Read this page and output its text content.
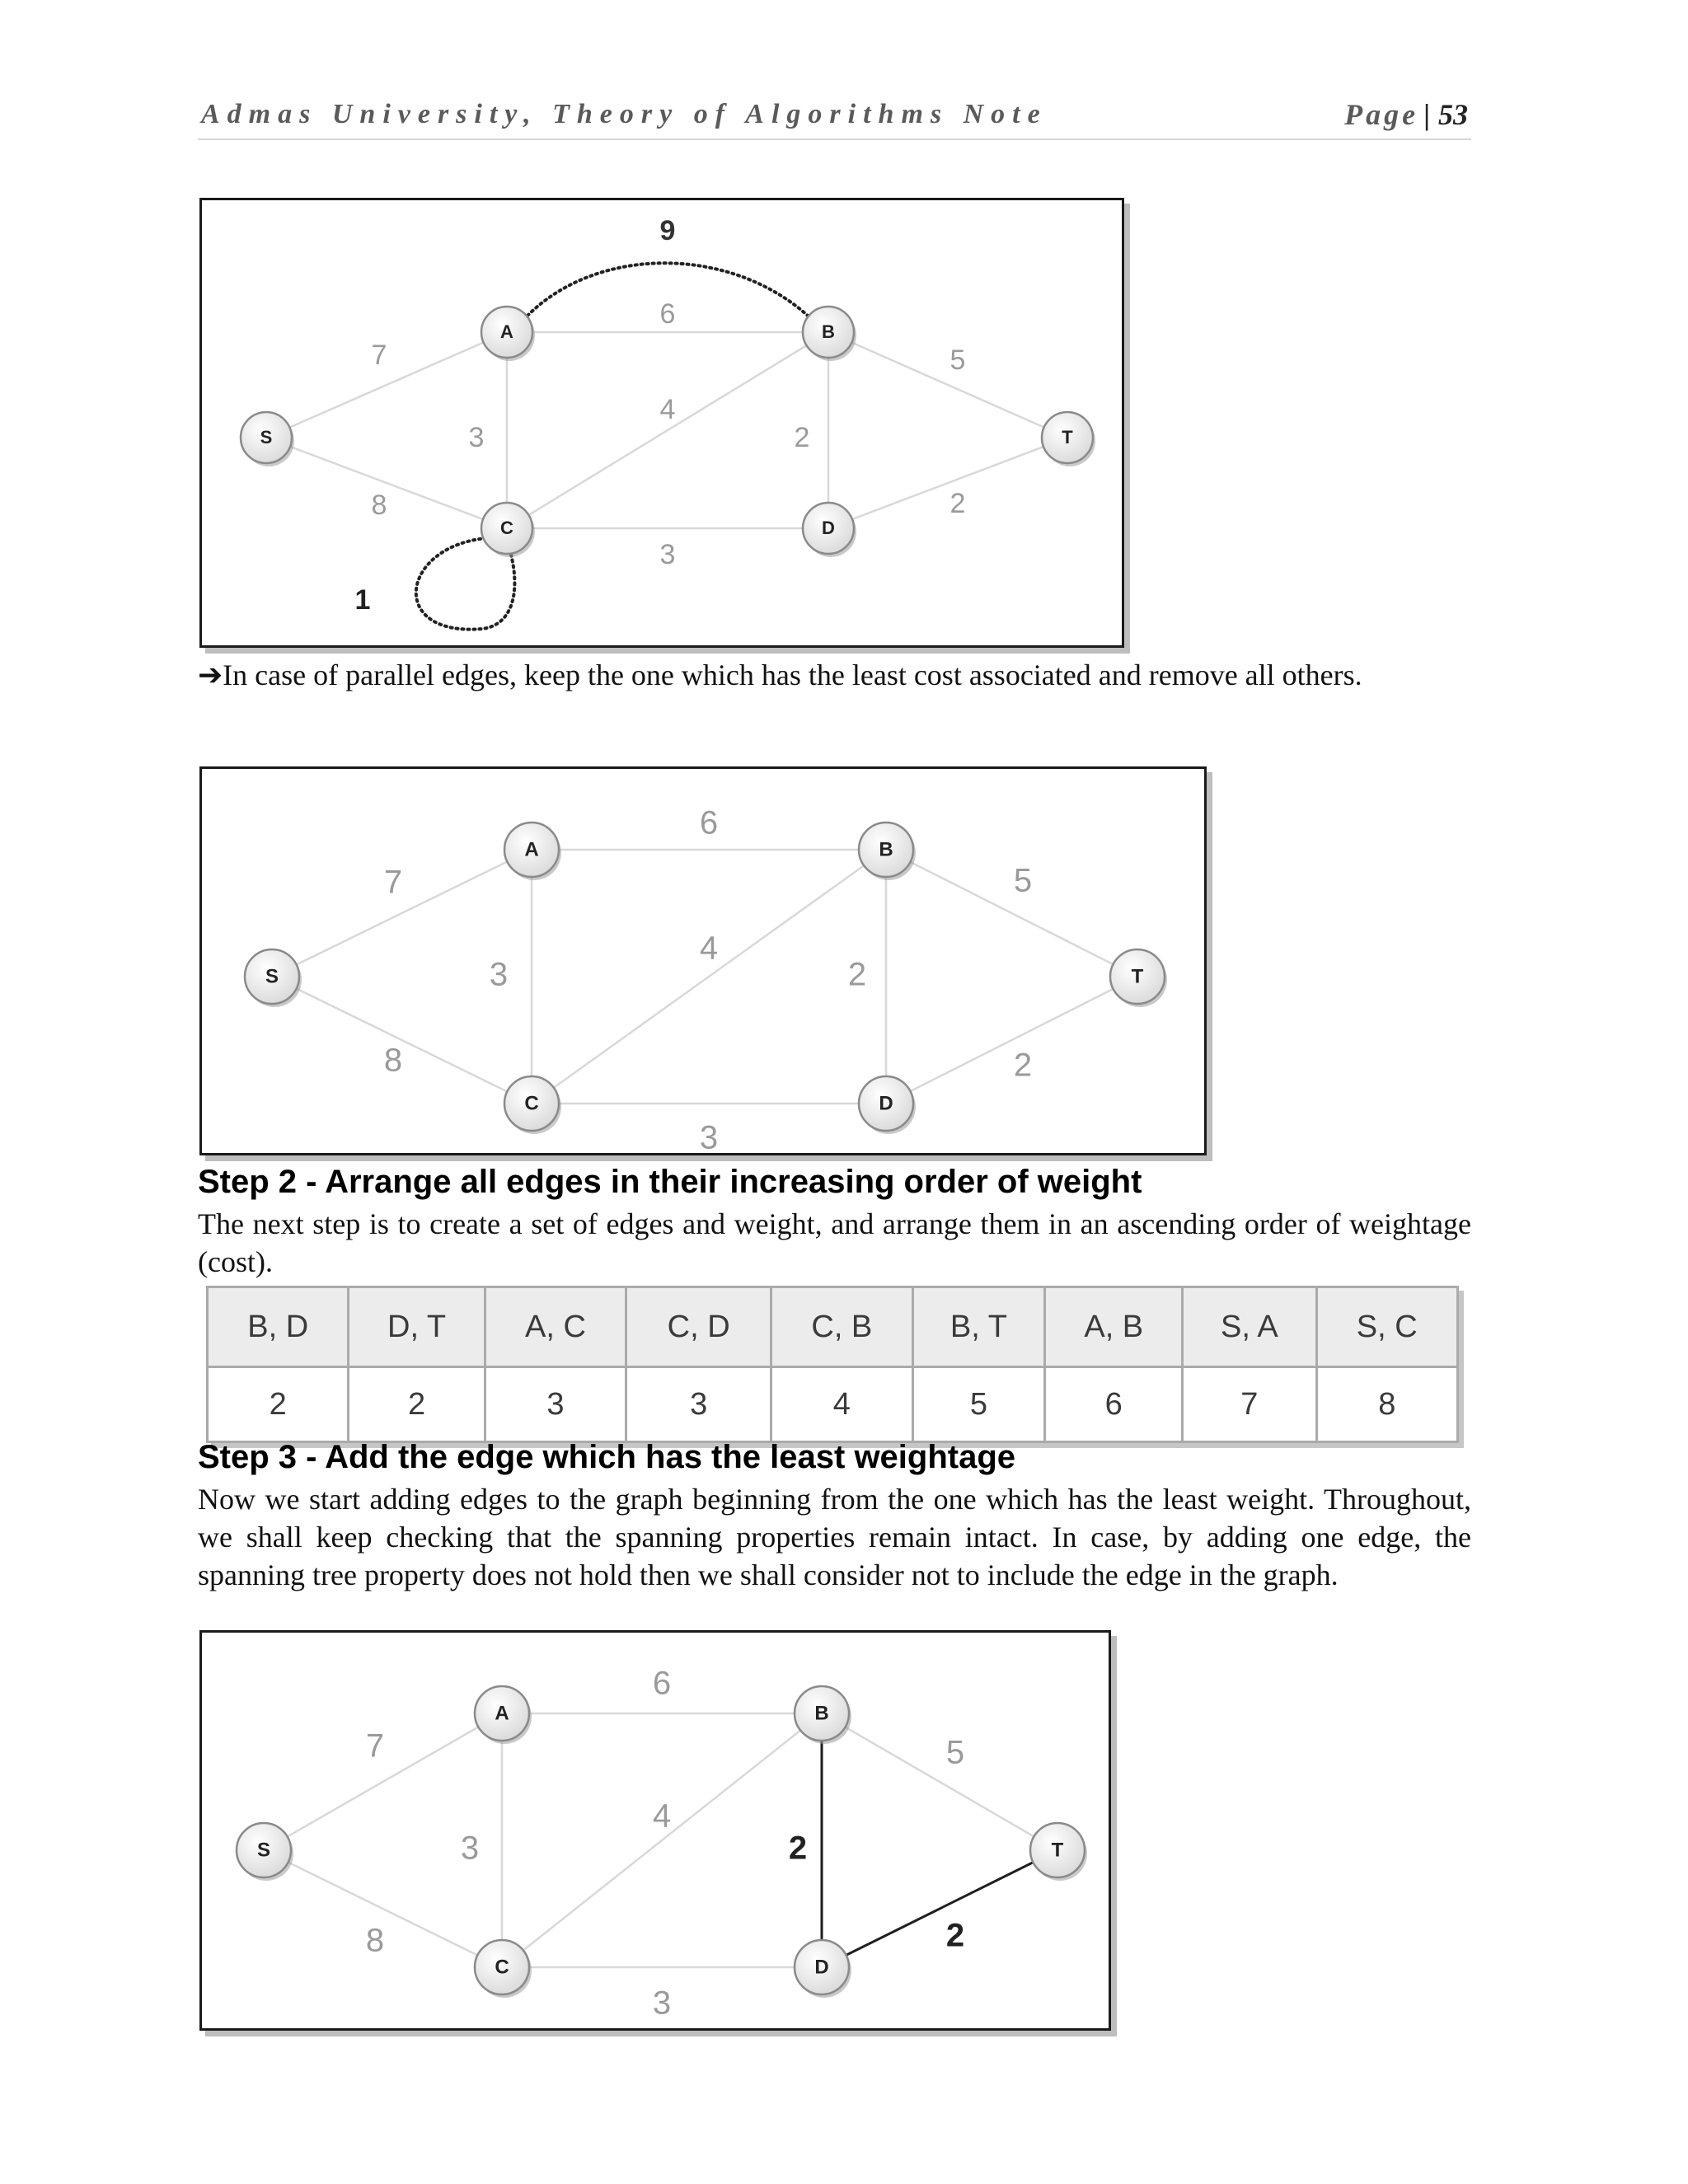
Admas University, Theory of Algorithms Note	Page | 53
9
1
7
8
6
3
4
2
3
5
2
S
A	B
C	D
T
➔In case of parallel edges, keep the one which has the least cost associated and remove all others.
7
8
6
3
4
2
3
5
2
S
A	B
C	D
T
Step 2 - Arrange all edges in their increasing order of weight
The next step is to create a set of edges and weight, and arrange them in an ascending order of weightage (cost).
B, D	D, T	A, C	C, D	C, B	B, T	A, B	S, A	S, C
2	2	3	3	4	5	6	7	8
Step 3 - Add the edge which has the least weightage
Now we start adding edges to the graph beginning from the one which has the least weight. Throughout, we shall keep checking that the spanning properties remain intact. In case, by adding one edge, the spanning tree property does not hold then we shall consider not to include the edge in the graph.
7
8
6
3
4
2
3
5
2
S
A	B
C	D
T
